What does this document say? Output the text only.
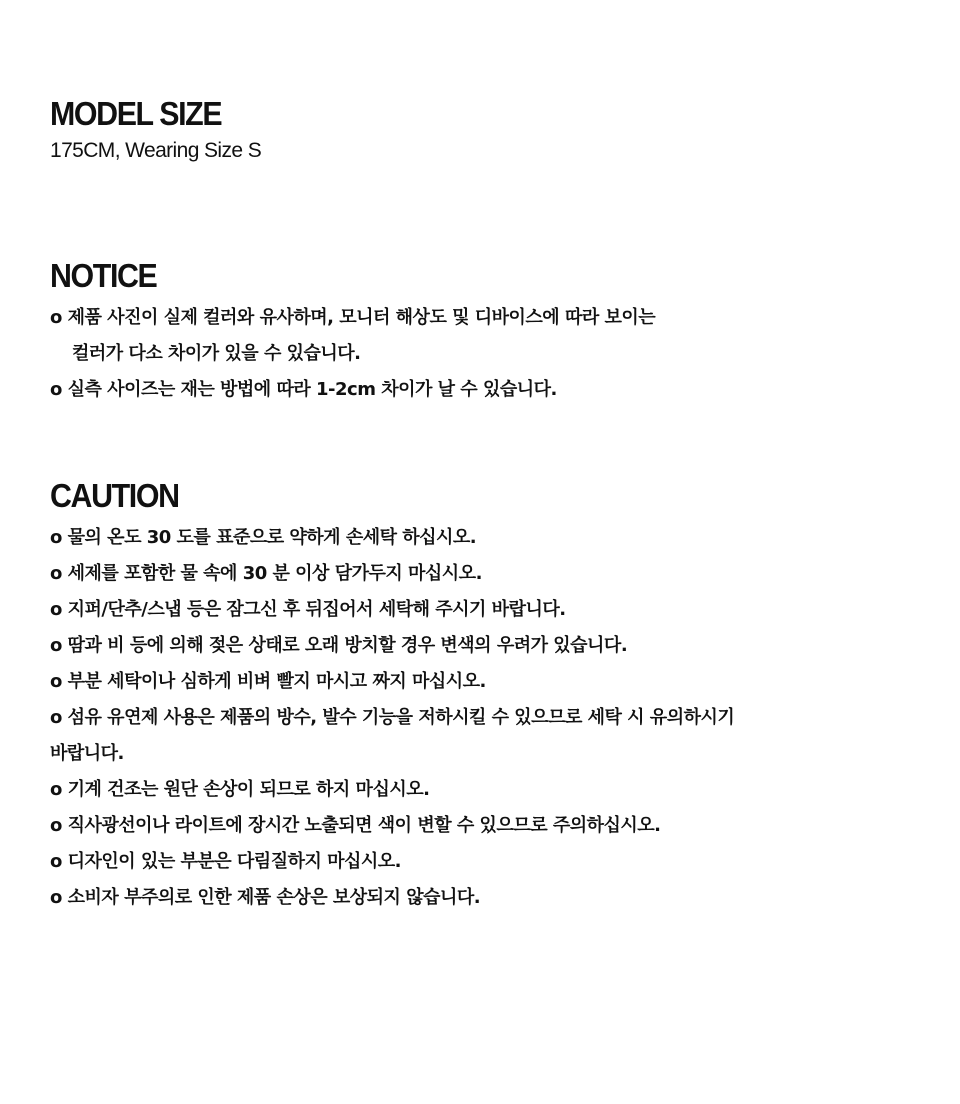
MODEL SIZE
175CM, Wearing Size S
NOTICE
o 제품 사진이 실제 컬러와 유사하며, 모니터 해상도 및 디바이스에 따라 보이는
컬러가 다소 차이가 있을 수 있습니다.
o 실측 사이즈는 재는 방법에 따라 1-2cm 차이가 날 수 있습니다.
CAUTION
o 물의 온도 30 도를 표준으로 약하게 손세탁 하십시오.
o 세제를 포함한 물 속에 30 분 이상 담가두지 마십시오.
o 지퍼/단추/스냅 등은 잠그신 후 뒤집어서 세탁해 주시기 바랍니다.
o 땀과 비 등에 의해 젖은 상태로 오래 방치할 경우 변색의 우려가 있습니다.
o 부분 세탁이나 심하게 비벼 빨지 마시고 짜지 마십시오.
o 섬유 유연제 사용은 제품의 방수, 발수 기능을 저하시킬 수 있으므로 세탁 시 유의하시기
바랍니다.
o 기계 건조는 원단 손상이 되므로 하지 마십시오.
o 직사광선이나 라이트에 장시간 노출되면 색이 변할 수 있으므로 주의하십시오.
o 디자인이 있는 부분은 다림질하지 마십시오.
o 소비자 부주의로 인한 제품 손상은 보상되지 않습니다.
